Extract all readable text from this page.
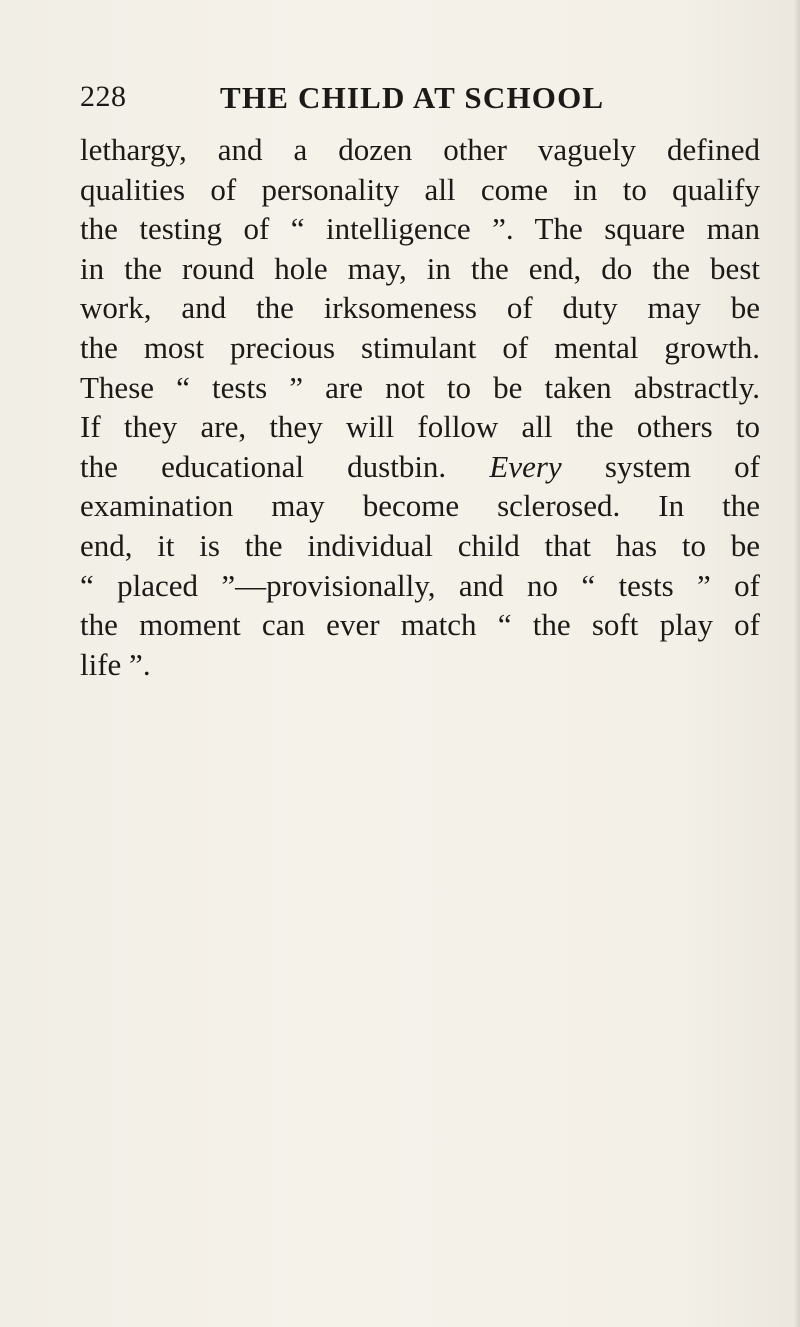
228	THE CHILD AT SCHOOL
lethargy, and a dozen other vaguely defined
qualities of personality all come in to qualify
the testing of “ intelligence ”. The square man
in the round hole may, in the end, do the best
work, and the irksomeness of duty may be
the most precious stimulant of mental growth.
These “ tests ” are not to be taken abstractly.
If they are, they will follow all the others to
the educational dustbin. Every system of
examination may become sclerosed. In the
end, it is the individual child that has to be
“ placed ”—provisionally, and no “ tests ” of
the moment can ever match “ the soft play of
life ”.
